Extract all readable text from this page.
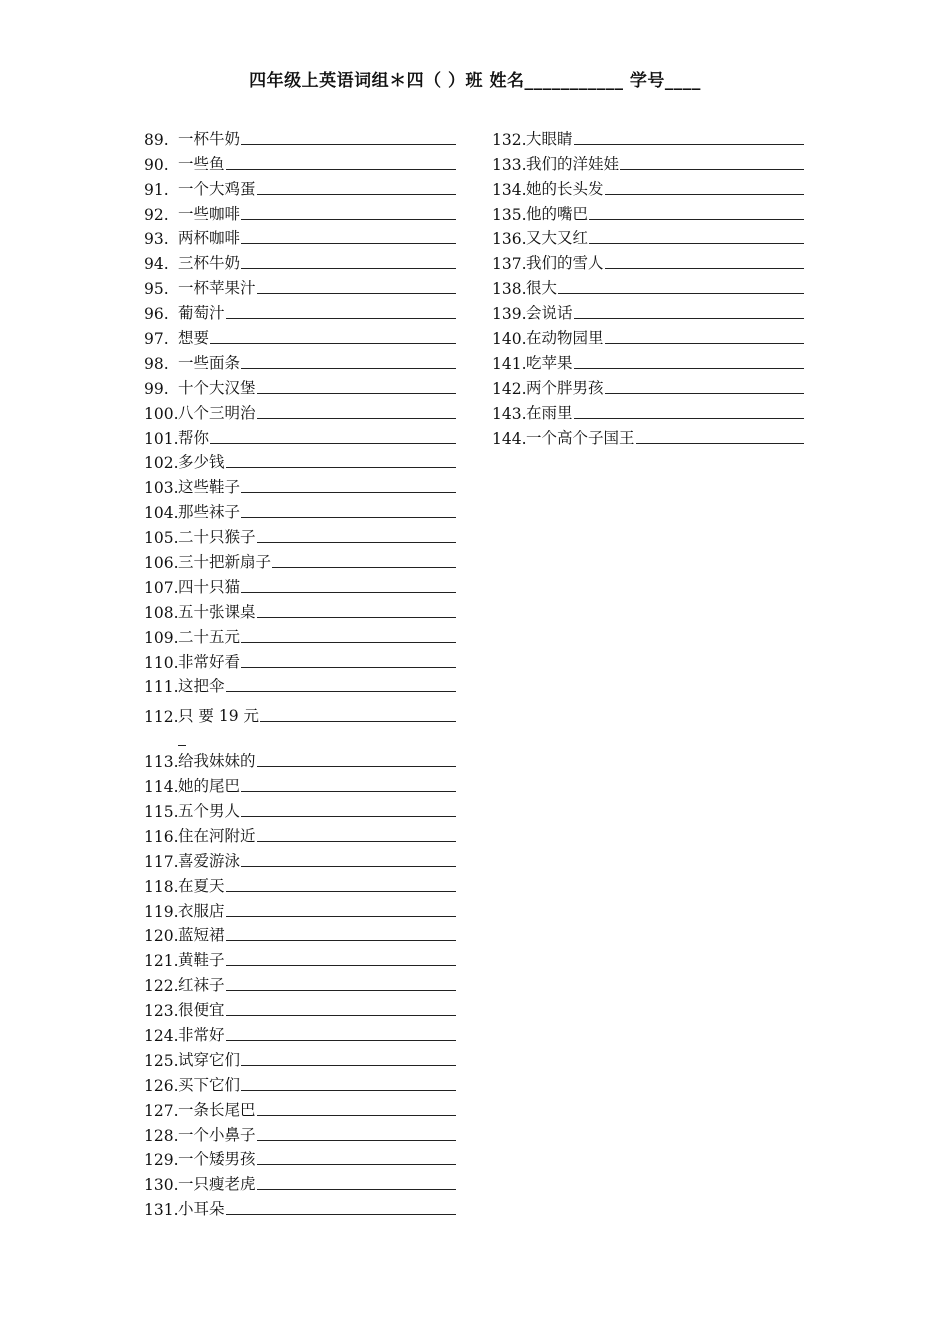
四年级上英语词组＊四（ ）班 姓名___________ 学号____
89. 一杯牛奶
90. 一些鱼
91. 一个大鸡蛋
92. 一些咖啡
93. 两杯咖啡
94. 三杯牛奶
95. 一杯苹果汁
96. 葡萄汁
97. 想要
98. 一些面条
99. 十个大汉堡
100. 八个三明治
101. 帮你
102. 多少钱
103. 这些鞋子
104. 那些袜子
105. 二十只猴子
106. 三十把新扇子
107. 四十只猫
108. 五十张课桌
109. 二十五元
110. 非常好看
111. 这把伞
112. 只 要 19 元
113. 给我妹妹的
114. 她的尾巴
115. 五个男人
116. 住在河附近
117. 喜爱游泳
118. 在夏天
119. 衣服店
120. 蓝短裙
121. 黄鞋子
122. 红袜子
123. 很便宜
124. 非常好
125. 试穿它们
126. 买下它们
127. 一条长尾巴
128. 一个小鼻子
129. 一个矮男孩
130. 一只瘦老虎
131. 小耳朵
132. 大眼睛
133. 我们的洋娃娃
134. 她的长头发
135. 他的嘴巴
136. 又大又红
137. 我们的雪人
138. 很大
139. 会说话
140. 在动物园里
141. 吃苹果
142. 两个胖男孩
143. 在雨里
144. 一个高个子国王
